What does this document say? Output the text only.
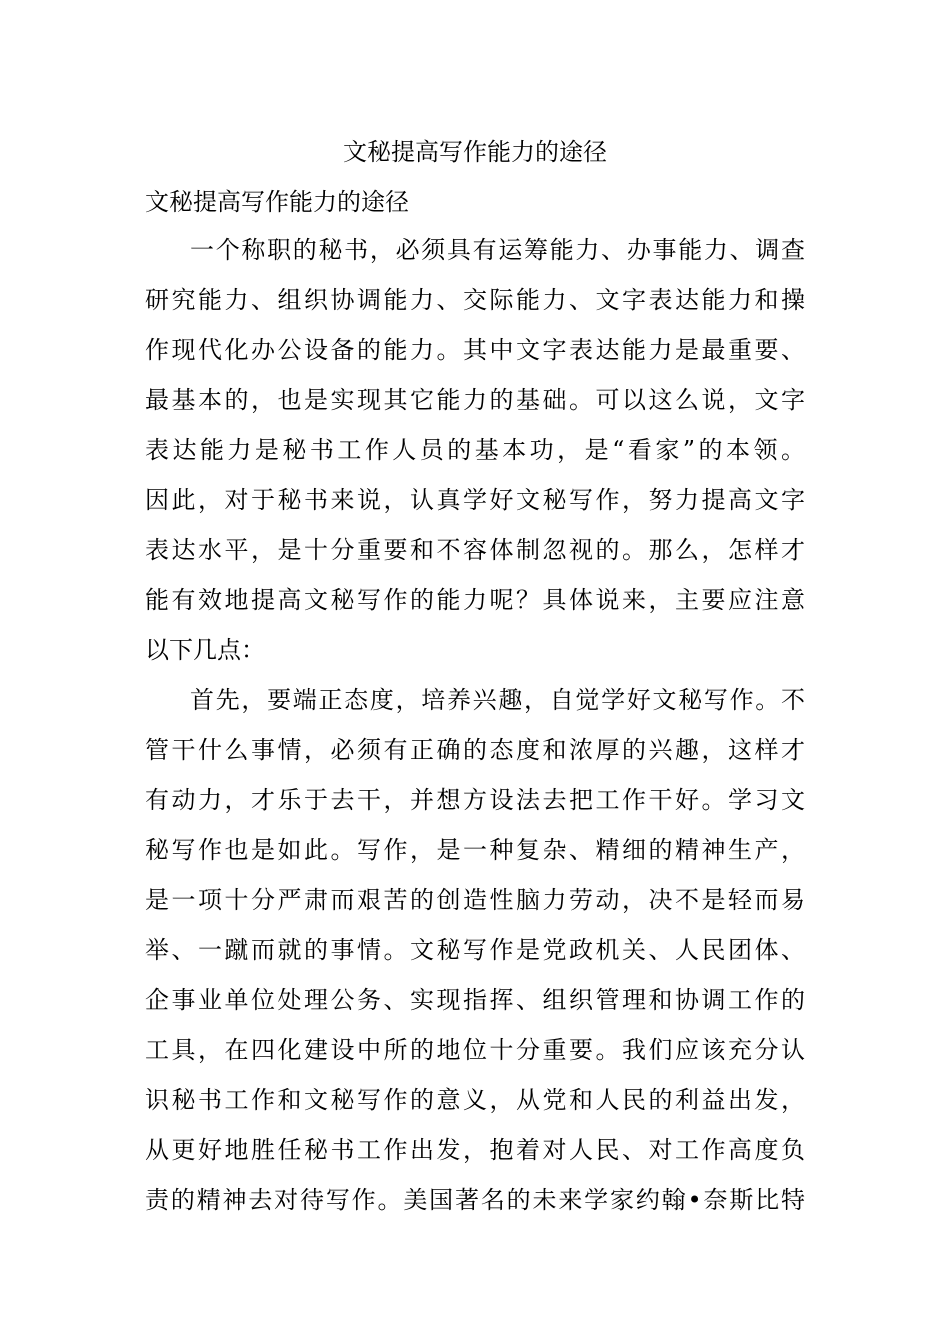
文秘提高写作能力的途径
文秘提高写作能力的途径
一个称职的秘书，必须具有运筹能力、办事能力、调查
研究能力、组织协调能力、交际能力、文字表达能力和操
作现代化办公设备的能力。其中文字表达能力是最重要、
最基本的，也是实现其它能力的基础。可以这么说，文字
表达能力是秘书工作人员的基本功，是“看家”的本领。
因此，对于秘书来说，认真学好文秘写作，努力提高文字
表达水平，是十分重要和不容体制忽视的。那么，怎样才
能有效地提高文秘写作的能力呢？具体说来，主要应注意
以下几点：
首先，要端正态度，培养兴趣，自觉学好文秘写作。不
管干什么事情，必须有正确的态度和浓厚的兴趣，这样才
有动力，才乐于去干，并想方设法去把工作干好。学习文
秘写作也是如此。写作，是一种复杂、精细的精神生产，
是一项十分严肃而艰苦的创造性脑力劳动，决不是轻而易
举、一蹴而就的事情。文秘写作是党政机关、人民团体、
企事业单位处理公务、实现指挥、组织管理和协调工作的
工具，在四化建设中所的地位十分重要。我们应该充分认
识秘书工作和文秘写作的意义，从党和人民的利益出发，
从更好地胜任秘书工作出发，抱着对人民、对工作高度负
责的精神去对待写作。美国著名的未来学家约翰•奈斯比特
